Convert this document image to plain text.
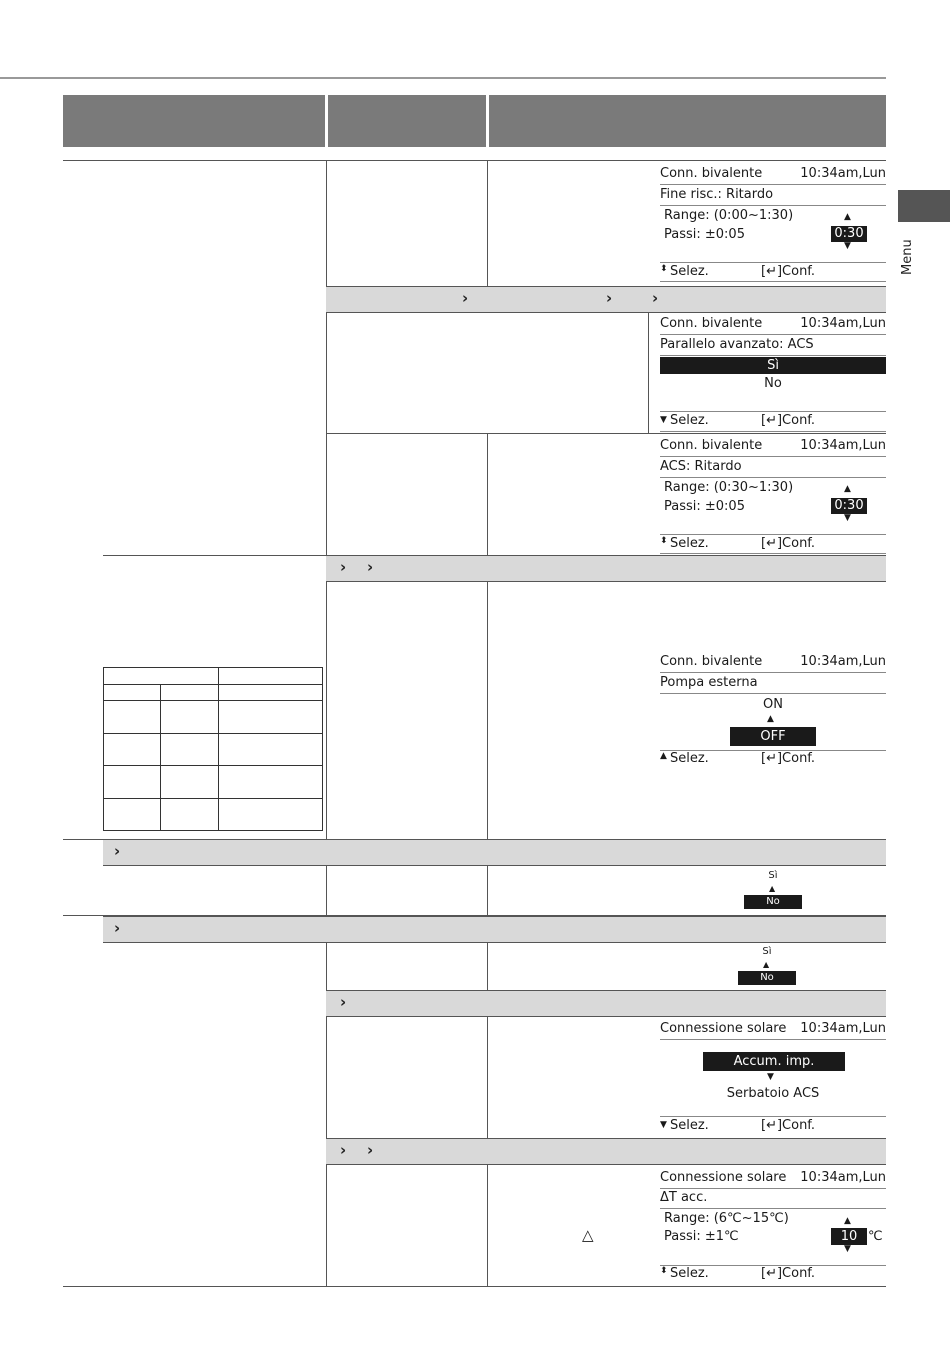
Menu
›	›	›
› ›
›
›
›
› ›
△
Conn. bivalente	10:34am,Lun
Fine risc.: Ritardo
Range: (0:00~1:30)
Passi: ±0:05
▲
0:30
▼
⬍ Selez.	[↵]Conf.
Conn. bivalente	10:34am,Lun
Parallelo avanzato: ACS
Sì
No
▼ Selez.	[↵]Conf.
Conn. bivalente	10:34am,Lun
ACS: Ritardo
Range: (0:30~1:30)
Passi: ±0:05
▲
0:30
▼
⬍ Selez.	[↵]Conf.
Conn. bivalente	10:34am,Lun
Pompa esterna
ON
▲
OFF
▲ Selez.	[↵]Conf.
Sì
▲
No
Sì
▲
No
Connessione solare 10:34am,Lun
Accum. imp.
▼
Serbatoio ACS
▼ Selez.	[↵]Conf.
Connessione solare 10:34am,Lun
ΔT acc.
Range: (6℃~15℃)
Passi: ±1℃
▲
10 ℃
▼
⬍ Selez.	[↵]Conf.
